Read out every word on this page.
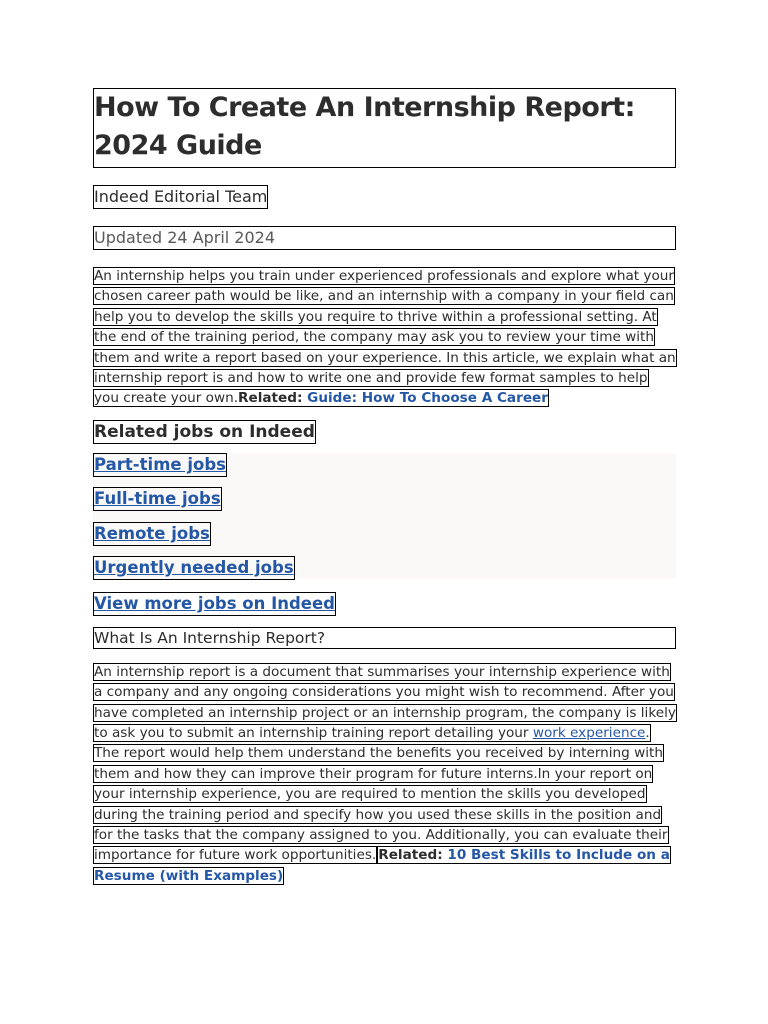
How To Create An Internship Report: 2024 Guide
Indeed Editorial Team
Updated 24 April 2024
An internship helps you train under experienced professionals and explore what your chosen career path would be like, and an internship with a company in your field can help you to develop the skills you require to thrive within a professional setting. At the end of the training period, the company may ask you to review your time with them and write a report based on your experience. In this article, we explain what an internship report is and how to write one and provide few format samples to help you create your own.Related: Guide: How To Choose A Career
Related jobs on Indeed
Part-time jobs
Full-time jobs
Remote jobs
Urgently needed jobs
View more jobs on Indeed
What Is An Internship Report?
An internship report is a document that summarises your internship experience with a company and any ongoing considerations you might wish to recommend. After you have completed an internship project or an internship program, the company is likely to ask you to submit an internship training report detailing your work experience. The report would help them understand the benefits you received by interning with them and how they can improve their program for future interns.In your report on your internship experience, you are required to mention the skills you developed during the training period and specify how you used these skills in the position and for the tasks that the company assigned to you. Additionally, you can evaluate their importance for future work opportunities. Related: 10 Best Skills to Include on a Resume (with Examples)
